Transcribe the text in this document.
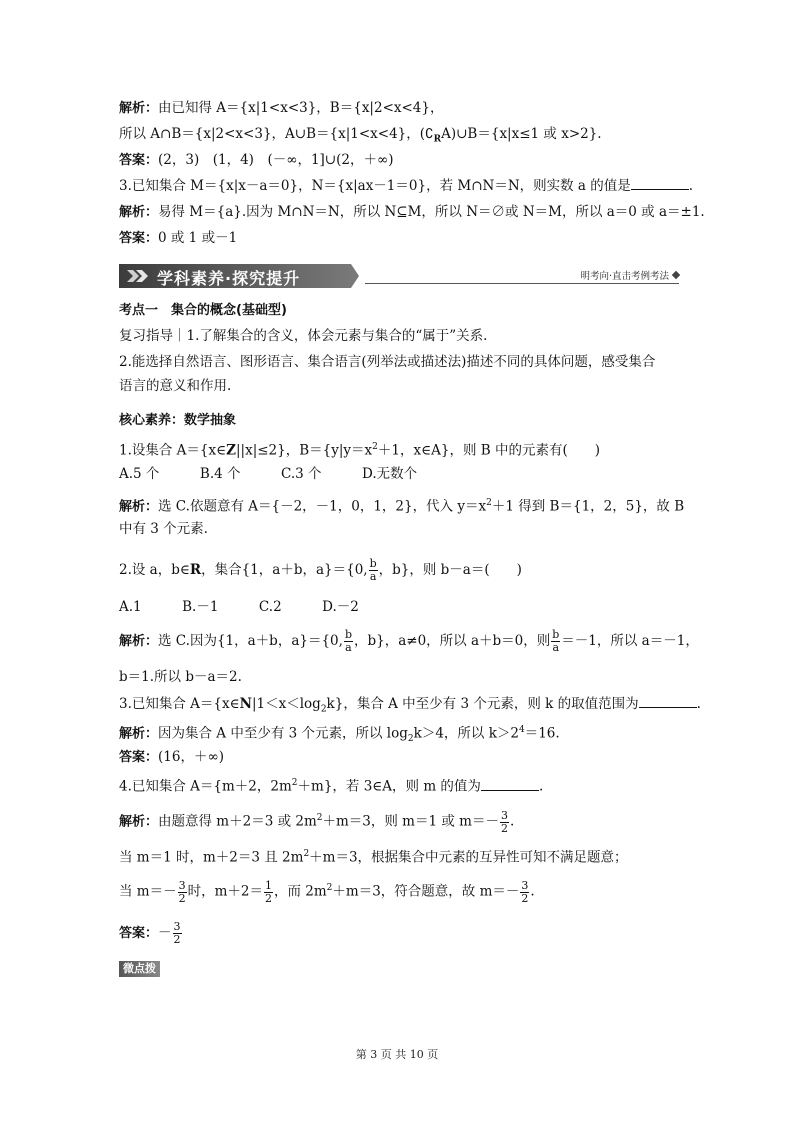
解析：由已知得 A＝{x|1<x<3}，B＝{x|2<x<4}，
所以 A∩B＝{x|2<x<3}，A∪B＝{x|1<x<4}，$(∁_RA)\cup B=\{x|x\le 1$ 或 x>2}.
答案：(2，3)　(1，4)　(－∞，1]∪(2，＋∞)
3.已知集合 M＝{x|x－a＝0}，N＝{x|ax－1＝0}，若 M∩N＝N，则实数 a 的值是	.
解析：易得 M＝{a}.因为 M∩N＝N，所以 N⊆M，所以 N＝∅或 N＝M，所以 a＝0 或 a＝±1.
答案：0 或 1 或－1
学科素养·探究提升	明考向·直击考例考法
考点一　集合的概念(基础型)
复习指导｜1.了解集合的含义，体会元素与集合的“属于”关系.
2.能选择自然语言、图形语言、集合语言(列举法或描述法)描述不同的具体问题，感受集合
语言的意义和作用.
核心素养：数学抽象
1.设集合 A＝{x∈Z||x|≤2}，$B=\{y|y=x^2+1$，x∈A}，则 B 中的元素有(　　)
A.5 个　　　B.4 个　　　C.3 个　　　D.无数个
解析：选 C.依题意有 A＝{－2，－1，0，1，2}，代入 $y=x^2+1$ 得到 B＝{1，2，5}，故 B
中有 3 个元素.
2.设 a，b∈R，集合{1，a＋b，a}＝{0, $\frac{b}{a}$ ，b}，则 b－a＝(　　)
A.1　　　B.－1　　　C.2　　　D.－2
解析：选 C.因为{1，a＋b，a}＝{0, $\frac{b}{a}$ ，b}，a≠0，所以 a＋b＝0，则 $\frac{b}{a} =-1$，所以 a＝－1，
b＝1.所以 b－a＝2.
3.已知集合 $A=\{x\in N|1<x<\log_2k\}$，集合 A 中至少有 3 个元素，则 k 的取值范围为	.
解析：因为集合 A 中至少有 3 个元素，所以 $\log_2k>4$，所以 $k>2^4=16$.
答案：(16，＋∞)
4.已知集合 A＝{m＋2，$2m^2+m$}，若 3∈A，则 m 的值为	.
解析：由题意得 m＋2＝3 或 $2m^2+m=3$，则 m＝1 或 $m=- \frac{3}{2}$ .
当 m＝1 时，m＋2＝3 且 $2m^2+m=3$，根据集合中元素的互异性可知不满足题意；
当 $m=- \frac{3}{2}$ 时，$m+2= \frac{1}{2}$ ，而 $2m^2+m=3$，符合题意，故 $m=- \frac{3}{2}$ .
答案：－ $\frac{3}{2}$
微点拨
第 3 页 共 10 页
